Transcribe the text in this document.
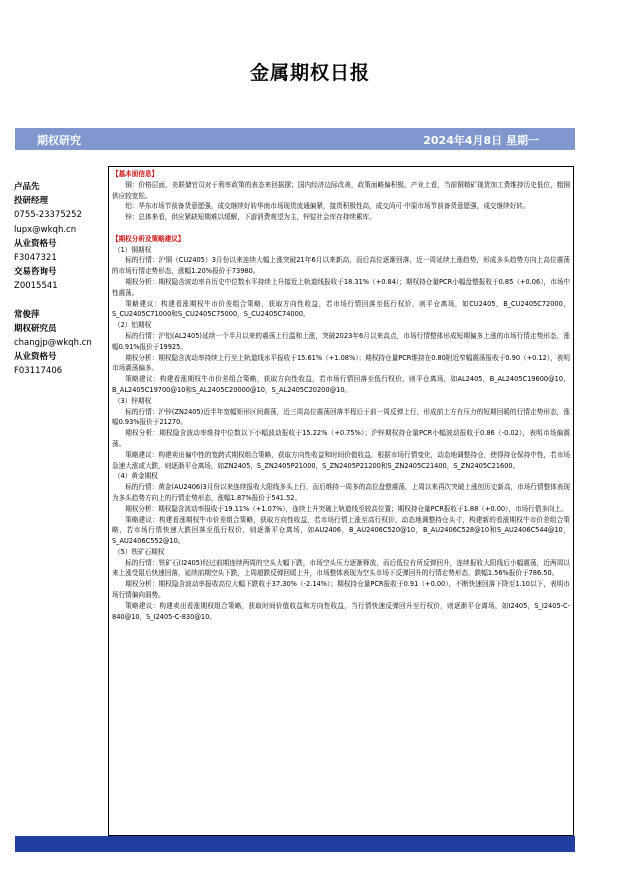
金属期权日报
期权研究	2024年4月8日 星期一
卢品先
投研经理
0755-23375252
lupx@wkqh.cn
从业资格号
F3047321
交易咨询号
Z0015541
常俊萍
期权研究员
changjp@wkqh.cn
从业资格号
F03117406

【基本面信息】

铜：价格层面，美联储官员对于利率政策的表态来回摇摆；国内经济边际改善，政策面略偏积极。产业上看，当前铜精矿现货加工费维持历史低位，粗铜供应较宽松。

铝：华东市场节前备货意愿强，成交继续好转华南市场现货流通偏紧，接货积极性高，成交尚可·中原市场节前备货意愿强，成交继续好转。

锌：总体来看，供应紧缺短期难以缓解，下游消费观望为主，锌锭社会库存持续累库。

【期权分析及策略建议】

（1）铜期权

标的行情：沪铜（CU2405）3月份以来连续大幅上涨突破21年6月以来新高，而后高位逐渐回落，近一周延续上涨趋势，形成多头趋势方向上高位震荡的市场行情走势形态，涨幅1.20%报价于73980。

期权分析：期权隐含波动率自历史中位数水平持续上升接近上轨道线报收于18.31%（+0.84）；期权持仓量PCR小幅盘整报收于0.85（+0.06），市场中性震荡。

策略建议：构建看涨期权牛市价差组合策略，获取方向性收益，若市场行情回落至低行权价，则平仓离场，如CU2405，B_CU2405C72000，S_CU2405C71000和S_CU2405C75000，S_CU2405C74000。

（2）铝期权

标的行情：沪铝(AL2405)延续一个半月以来的震荡上行温和上涨，突破2023年6月以来高点，市场行情整体形成短期偏多上涨的市场行情走势形态，涨幅0.91%报价于19925。

期权分析：期权隐含波动率持续上行至上轨道线水平报收于15.61%（+1.08%）；期权持仓量PCR维持在0.80附近窄幅震荡报收于0.90（+0.12），表明市场震荡偏多。

策略建议：构建看涨期权牛市价差组合策略，获取方向性收益，若市场行情回落至低行权价，则平仓离场，如AL2405，B_AL2405C19600@10，B_AL2405C19700@10和S_AL2405C20000@10，S_AL2405C20200@10。

（3）锌期权

标的行情：沪锌(ZN2405)近半年宽幅矩形区间震荡，近三周高位震荡回落半程后于前一周反弹上行，形成前上方有压力的短期回暖的行情走势形态，涨幅0.93%报价于21270。

期权分析：期权隐含波动率维持中位数以下小幅波动报收于15.22%（+0.75%）；沪锌期权持仓量PCR小幅波动报收于0.86（-0.02），表明市场偏震荡。

策略建议：构建卖出偏中性的宽跨式期权组合策略，获取方向性收益和时间价值收益，根据市场行情变化，动态地调整持仓，使得持仓保持中性，若市场急速大涨或大跌，则逐渐平仓离场，如ZN2405，S_ZN2405P21000，S_ZN2405P21200和S_ZN2405C21400，S_ZN2405C21600。

（4）黄金期权

标的行情：黄金(AU2406)3月份以来连续报收大阳线多头上行，而后维持一周多的高位盘整震荡，上周以来再次突破上涨创历史新高，市场行情整体表现为多头趋势方向上的行情走势形态，涨幅1.87%报价于541.52。

期权分析：期权隐含波动率报收于19.11%（+1.07%），连续上升突破上轨道线至较高位置；期权持仓量PCR报收于1.88（+0.00），市场行情多向上。

策略建议：构建看涨期权牛市价差组合策略，获取方向性收益，若市场行情上涨至高行权价，动态地调整持仓头寸，构建新的看涨期权牛市价差组合策略，若市场行情快速大跌回落至低行权价，则逐渐平仓离场，如AU2406，B_AU2406C520@10，B_AU2406C528@10和S_AU2406C544@10，S_AU2406C552@10。

（5）铁矿石期权

标的行情：铁矿石(I2405)经过前期连续两周的空头大幅下跌，市场空头压力逐渐释放，而后低位有所反弹回升，连续报收大阳线后小幅震荡，近两周以来上涨受阻后快速回落，延续前期空头下跌，上周超跌反弹回暖上升，市场整体表现为空头市场下反弹回升的行情走势形态，跌幅1.56%报价于786.50。

期权分析：期权隐含波动率报收高位大幅下跌收于37.30%（-2.14%）；期权持仓量PCR报收于0.91（+0.00），不断快速回落下降至1.10以下，表明市场行情偏向弱势。

策略建议：构建卖出看涨期权组合策略，获取时间价值收益和方向性收益，当行情快速反弹回升至行权价，则逐渐平仓离场，如I2405，S_I2405-C-840@10，S_I2405-C-830@10。
